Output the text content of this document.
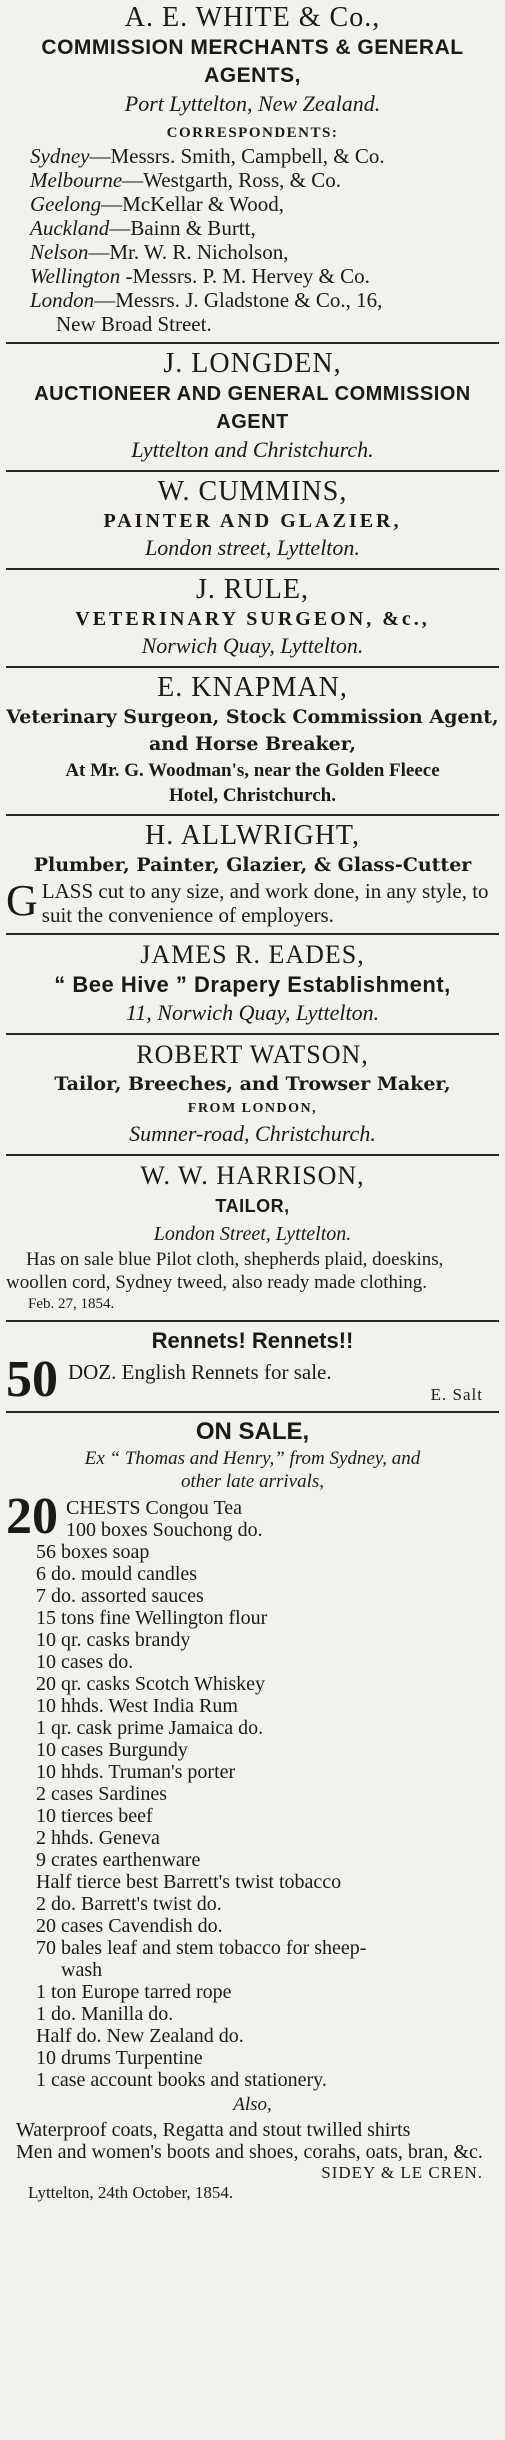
A. E. WHITE & Co.,
COMMISSION MERCHANTS & GENERAL AGENTS,
Port Lyttelton, New Zealand.
CORRESPONDENTS:
Sydney—Messrs. Smith, Campbell, & Co.
Melbourne—Westgarth, Ross, & Co.
Geelong—McKellar & Wood,
Auckland—Bainn & Burtt,
Nelson—Mr. W. R. Nicholson,
Wellington -Messrs. P. M. Hervey & Co.
London—Messrs. J. Gladstone & Co., 16,
New Broad Street.
J. LONGDEN,
AUCTIONEER AND GENERAL COMMISSION AGENT
Lyttelton and Christchurch.
W. CUMMINS,
PAINTER AND GLAZIER,
London street, Lyttelton.
J. RULE,
VETERINARY SURGEON, &c.,
Norwich Quay, Lyttelton.
E. KNAPMAN,
Veterinary Surgeon, Stock Commission Agent,
and Horse Breaker,
At Mr. G. Woodman's, near the Golden Fleece
Hotel, Christchurch.
H. ALLWRIGHT,
Plumber, Painter, Glazier, & Glass-Cutter
GLASS cut to any size, and work done, in any style, to suit the convenience of employers.
JAMES R. EADES,
“ Bee Hive ” Drapery Establishment,
11, Norwich Quay, Lyttelton.
ROBERT WATSON,
Tailor, Breeches, and Trowser Maker,
FROM LONDON,
Sumner-road, Christchurch.
W. W. HARRISON,
TAILOR,
London Street, Lyttelton.
Has on sale blue Pilot cloth, shepherds plaid, doeskins, woollen cord, Sydney tweed, also ready made clothing.
Feb. 27, 1854.
Rennets! Rennets!!
50 DOZ. English Rennets for sale.
E. Salt
ON SALE,
Ex “ Thomas and Henry,” from Sydney, and
other late arrivals,
20 CHESTS Congou Tea
100 boxes Souchong do.
56 boxes soap
6 do. mould candles
7 do. assorted sauces
15 tons fine Wellington flour
10 qr. casks brandy
10 cases do.
20 qr. casks Scotch Whiskey
10 hhds. West India Rum
1 qr. cask prime Jamaica do.
10 cases Burgundy
10 hhds. Truman's porter
2 cases Sardines
10 tierces beef
2 hhds. Geneva
9 crates earthenware
Half tierce best Barrett's twist tobacco
2 do. Barrett's twist do.
20 cases Cavendish do.
70 bales leaf and stem tobacco for sheep-
wash
1 ton Europe tarred rope
1 do. Manilla do.
Half do. New Zealand do.
10 drums Turpentine
1 case account books and stationery.
Also,
Waterproof coats, Regatta and stout twilled shirts
Men and women's boots and shoes, corahs, oats, bran, &c.
SIDEY & LE CREN.
Lyttelton, 24th October, 1854.
